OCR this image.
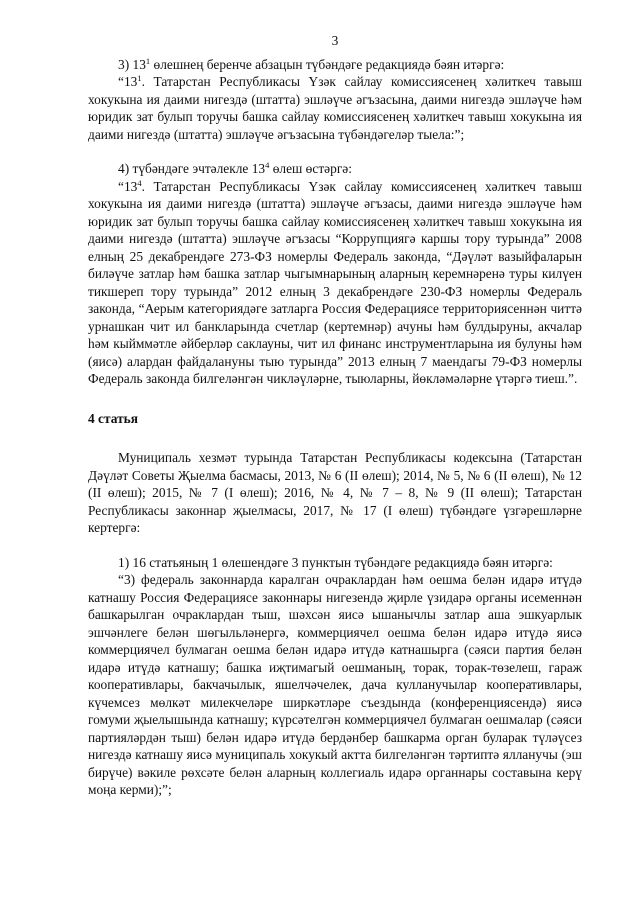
3

3) $13^1$ өлешнең беренче абзацын түбәндәге редакциядә бәян итәргә:

“$13^1$. Татарстан Республикасы Үзәк сайлау комиссиясенең хәлиткеч тавыш хокукына ия даими нигездә (штатта) эшләүче әгъзасына, даими нигездә эшләүче һәм юридик зат булып торучы башка сайлау комиссиясенең хәлиткеч тавыш хокукына ия даими нигездә (штатта) эшләүче әгъзасына түбәндәгеләр тыела:”;

4) түбәндәге эчтәлекле $13^4$ өлеш өстәргә:

“$13^4$. Татарстан Республикасы Үзәк сайлау комиссиясенең хәлиткеч тавыш хокукына ия даими нигездә (штатта) эшләүче әгъзасы, даими нигездә эшләүче һәм юридик зат булып торучы башка сайлау комиссиясенең хәлиткеч тавыш хокукына ия даими нигездә (штатта) эшләүче әгъзасы “Коррупциягә каршы тору турында” 2008 елның 25 декабрендәге 273-ФЗ номерлы Федераль законда, “Дәүләт вазыйфаларын биләүче затлар һәм башка затлар чыгымнарының аларның керемнәренә туры килүен тикшереп тору турында” 2012 елның 3 декабрендәге 230-ФЗ номерлы Федераль законда, “Аерым категориядәге затларга Россия Федерациясе территориясеннән читтә урнашкан чит ил банкларында счетлар (кертемнәр) ачуны һәм булдыруны, акчалар һәм кыйммәтле әйберләр саклауны, чит ил финанс инструментларына ия булуны һәм (яисә) алардан файдалануны тыю турында” 2013 елның 7 маендагы 79-ФЗ номерлы Федераль законда билгеләнгән чикләүләрне, тыюларны, йөкләмәләрне үтәргә тиеш.”.

4 статья

Муниципаль хезмәт турында Татарстан Республикасы кодексына (Татарстан Дәүләт Советы Җыелма басмасы, 2013, № 6 (II өлеш); 2014, № 5, № 6 (II өлеш), № 12 (II өлеш); 2015, № 7 (I өлеш); 2016, № 4, № 7 – 8, № 9 (II өлеш); Татарстан Республикасы законнар җыелмасы, 2017, № 17 (I өлеш) түбәндәге үзгәрешләрне кертергә:

1) 16 статьяның 1 өлешендәге 3 пунктын түбәндәге редакциядә бәян итәргә:

“3) федераль законнарда каралган очраклардан һәм оешма белән идарә итүдә катнашу Россия Федерациясе законнары нигезендә җирле үзидарә органы исеменнән башкарылган очраклардан тыш, шәхсән яисә ышанычлы затлар аша эшкуарлык эшчәнлеге белән шөгыльләнергә, коммерциячел оешма белән идарә итүдә яисә коммерциячел булмаган оешма белән идарә итүдә катнашырга (сәяси партия белән идарә итүдә катнашу; башка иҗтимагый оешманың, торак, торак-төзелеш, гараж кооперативлары, бакчачылык, яшелчәчелек, дача кулланучылар кооперативлары, күчемсез мөлкәт милекчеләре ширкәтләре съездында (конференциясендә) яисә гомуми җыелышында катнашу; күрсәтелгән коммерциячел булмаган оешмалар (сәяси партияләрдән тыш) белән идарә итүдә бердәнбер башкарма орган буларак түләүсез нигездә катнашу яисә муниципаль хокукый актта билгеләнгән тәртиптә ялланучы (эш бирүче) вәкиле рөхсәте белән аларның коллегиаль идарә органнары составына керү моңа керми);”;
